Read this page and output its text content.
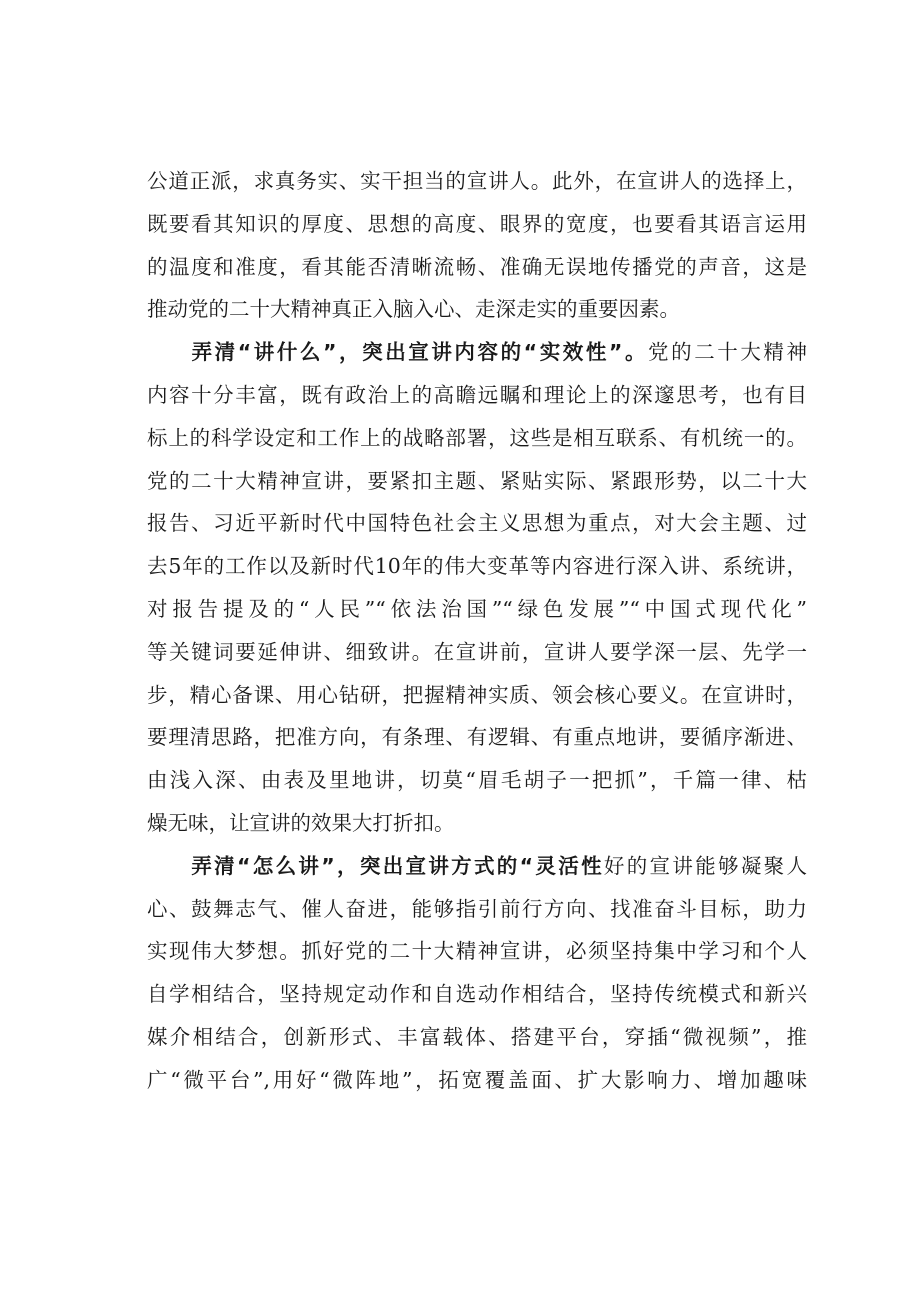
公道正派，求真务实、实干担当的宣讲人。此外，在宣讲人的选择上，
既要看其知识的厚度、思想的高度、眼界的宽度，也要看其语言运用
的温度和准度，看其能否清晰流畅、准确无误地传播党的声音，这是
推动党的二十大精神真正入脑入心、走深走实的重要因素。
弄清“讲什么”，突出宣讲内容的“实效性”。党的二十大精神
内容十分丰富，既有政治上的高瞻远瞩和理论上的深邃思考，也有目
标上的科学设定和工作上的战略部署，这些是相互联系、有机统一的。
党的二十大精神宣讲，要紧扣主题、紧贴实际、紧跟形势，以二十大
报告、习近平新时代中国特色社会主义思想为重点，对大会主题、过
去5年的工作以及新时代10年的伟大变革等内容进行深入讲、系统讲，
对报告提及的“人民”“依法治国”“绿色发展”“中国式现代化”
等关键词要延伸讲、细致讲。在宣讲前，宣讲人要学深一层、先学一
步，精心备课、用心钻研，把握精神实质、领会核心要义。在宣讲时，
要理清思路，把准方向，有条理、有逻辑、有重点地讲，要循序渐进、
由浅入深、由表及里地讲，切莫“眉毛胡子一把抓”，千篇一律、枯
燥无味，让宣讲的效果大打折扣。
弄清“怎么讲”，突出宣讲方式的“灵活性好的宣讲能够凝聚人
心、鼓舞志气、催人奋进，能够指引前行方向、找准奋斗目标，助力
实现伟大梦想。抓好党的二十大精神宣讲，必须坚持集中学习和个人
自学相结合，坚持规定动作和自选动作相结合，坚持传统模式和新兴
媒介相结合，创新形式、丰富载体、搭建平台，穿插“微视频”，推
广“微平台”,用好“微阵地”，拓宽覆盖面、扩大影响力、增加趣味
